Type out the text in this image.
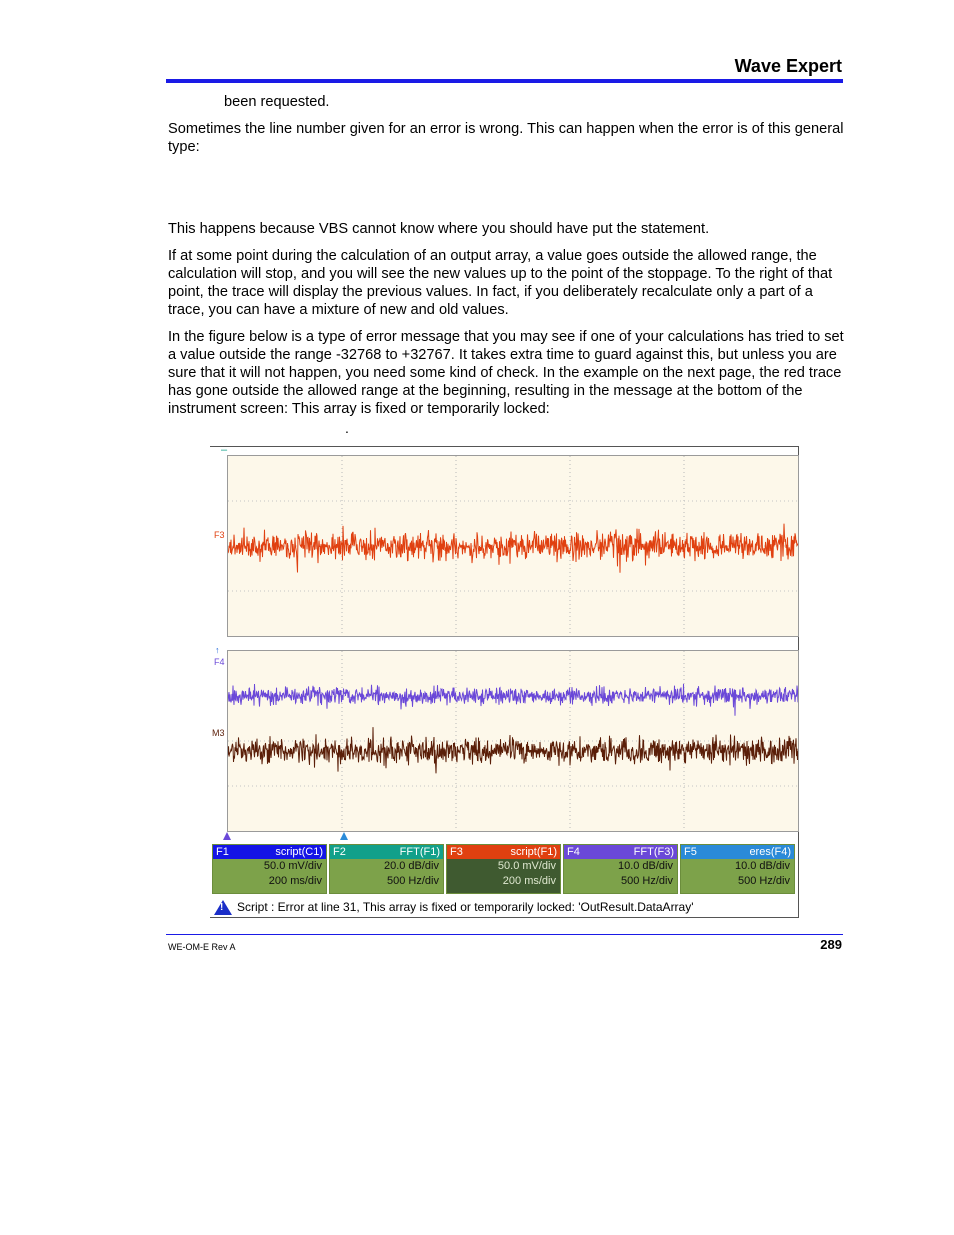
Wave Expert

been requested.

Sometimes the line number given for an error is wrong. This can happen when the error is of this general type:

This happens because VBS cannot know where you should have put the statement.

If at some point during the calculation of an output array, a value goes outside the allowed range, the calculation will stop, and you will see the new values up to the point of the stoppage. To the right of that point, the trace will display the previous values. In fact, if you deliberately recalculate only a part of a trace, you can have a mixture of new and old values.

In the figure below is a type of error message that you may see if one of your calculations has tried to set a value outside the range -32768 to +32767. It takes extra time to guard against this, but unless you are sure that it will not happen, you need some kind of check. In the example on the next page, the red trace has gone outside the allowed range at the beginning, resulting in the message at the bottom of the instrument screen: This array is fixed or temporarily locked:

.
–
F3
↑
F4
M3
F1	script(C1)
50.0 mV/div
200 ms/div
F2	FFT(F1)
20.0 dB/div
500 Hz/div
F3	script(F1)
50.0 mV/div
200 ms/div
F4	FFT(F3)
10.0 dB/div
500 Hz/div
F5	eres(F4)
10.0 dB/div
500 Hz/div
! Script : Error at line 31, This array is fixed or temporarily locked: 'OutResult.DataArray'
WE-OM-E Rev A	289
